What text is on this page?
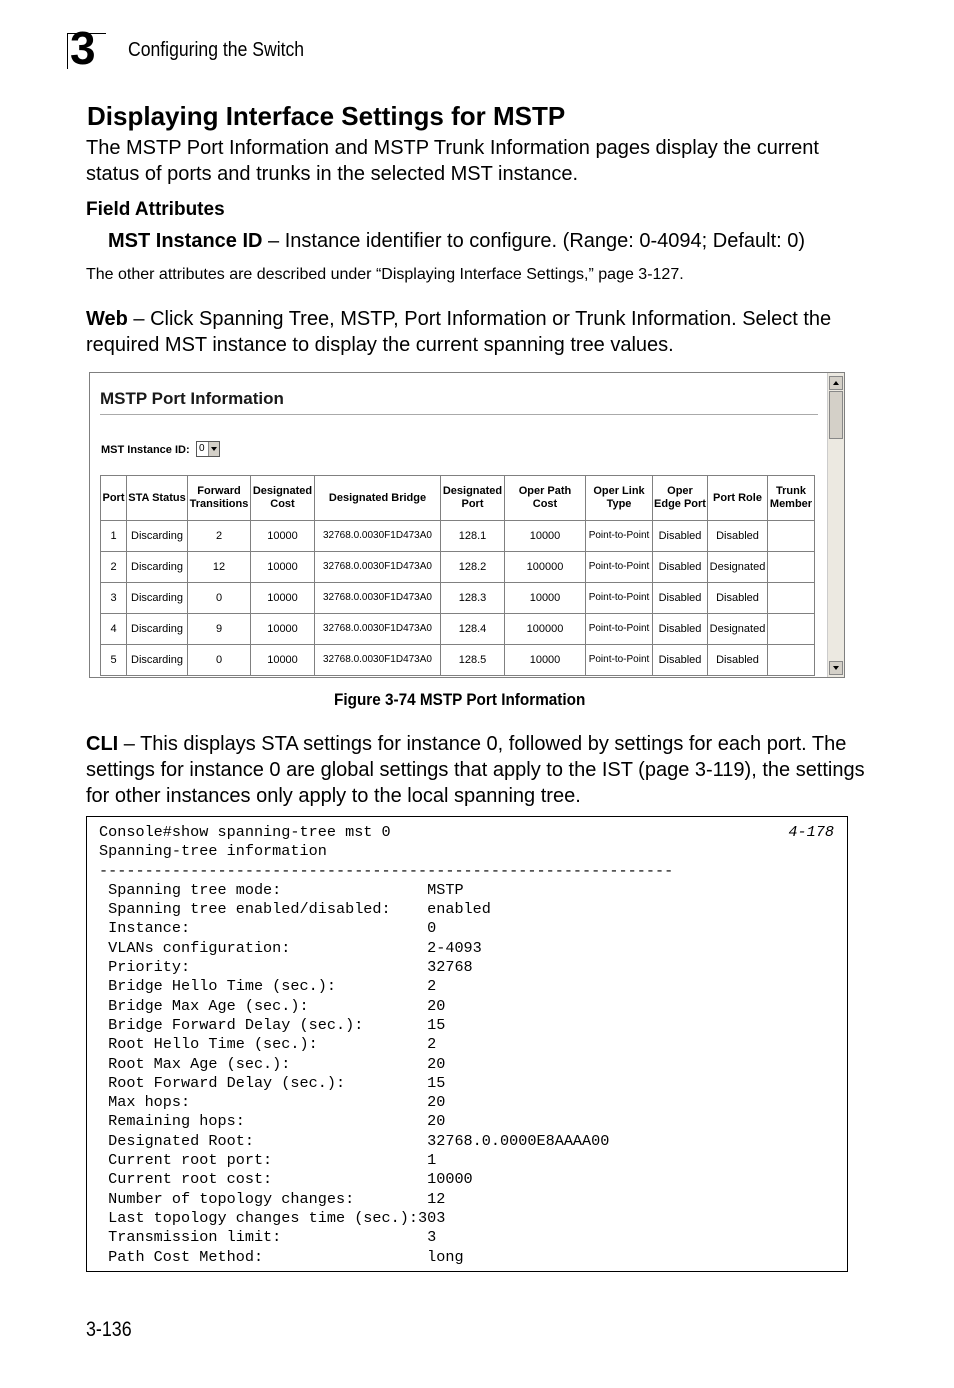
3 Configuring the Switch
Displaying Interface Settings for MSTP
The MSTP Port Information and MSTP Trunk Information pages display the current status of ports and trunks in the selected MST instance.
Field Attributes
MST Instance ID – Instance identifier to configure. (Range: 0-4094; Default: 0)
The other attributes are described under “Displaying Interface Settings,” page 3-127.
Web – Click Spanning Tree, MSTP, Port Information or Trunk Information. Select the required MST instance to display the current spanning tree values.
MSTP Port Information
MST Instance ID: 0
Port	STA Status	Forward Transitions	Designated Cost	Designated Bridge	Designated Port	Oper Path Cost	Oper Link Type	Oper Edge Port	Port Role	Trunk Member
1	Discarding	2	10000	32768.0.0030F1D473A0	128.1	10000	Point-to-Point	Disabled	Disabled	
2	Discarding	12	10000	32768.0.0030F1D473A0	128.2	100000	Point-to-Point	Disabled	Designated	
3	Discarding	0	10000	32768.0.0030F1D473A0	128.3	10000	Point-to-Point	Disabled	Disabled	
4	Discarding	9	10000	32768.0.0030F1D473A0	128.4	100000	Point-to-Point	Disabled	Designated	
5	Discarding	0	10000	32768.0.0030F1D473A0	128.5	10000	Point-to-Point	Disabled	Disabled	
Figure 3-74 MSTP Port Information
CLI – This displays STA settings for instance 0, followed by settings for each port. The settings for instance 0 are global settings that apply to the IST (page 3-119), the settings for other instances only apply to the local spanning tree.
Console#show spanning-tree mst 0
Spanning-tree information
---------------------------------------------------------------
Spanning tree mode:                MSTP
Spanning tree enabled/disabled:    enabled
Instance:                          0
VLANs configuration:               2-4093
Priority:                          32768
Bridge Hello Time (sec.):          2
Bridge Max Age (sec.):             20
Bridge Forward Delay (sec.):       15
Root Hello Time (sec.):            2
Root Max Age (sec.):               20
Root Forward Delay (sec.):         15
Max hops:                          20
Remaining hops:                    20
Designated Root:                   32768.0.0000E8AAAA00
Current root port:                 1
Current root cost:                 10000
Number of topology changes:        12
Last topology changes time (sec.):303
Transmission limit:                3
Path Cost Method:                  long
4-178
3-136
